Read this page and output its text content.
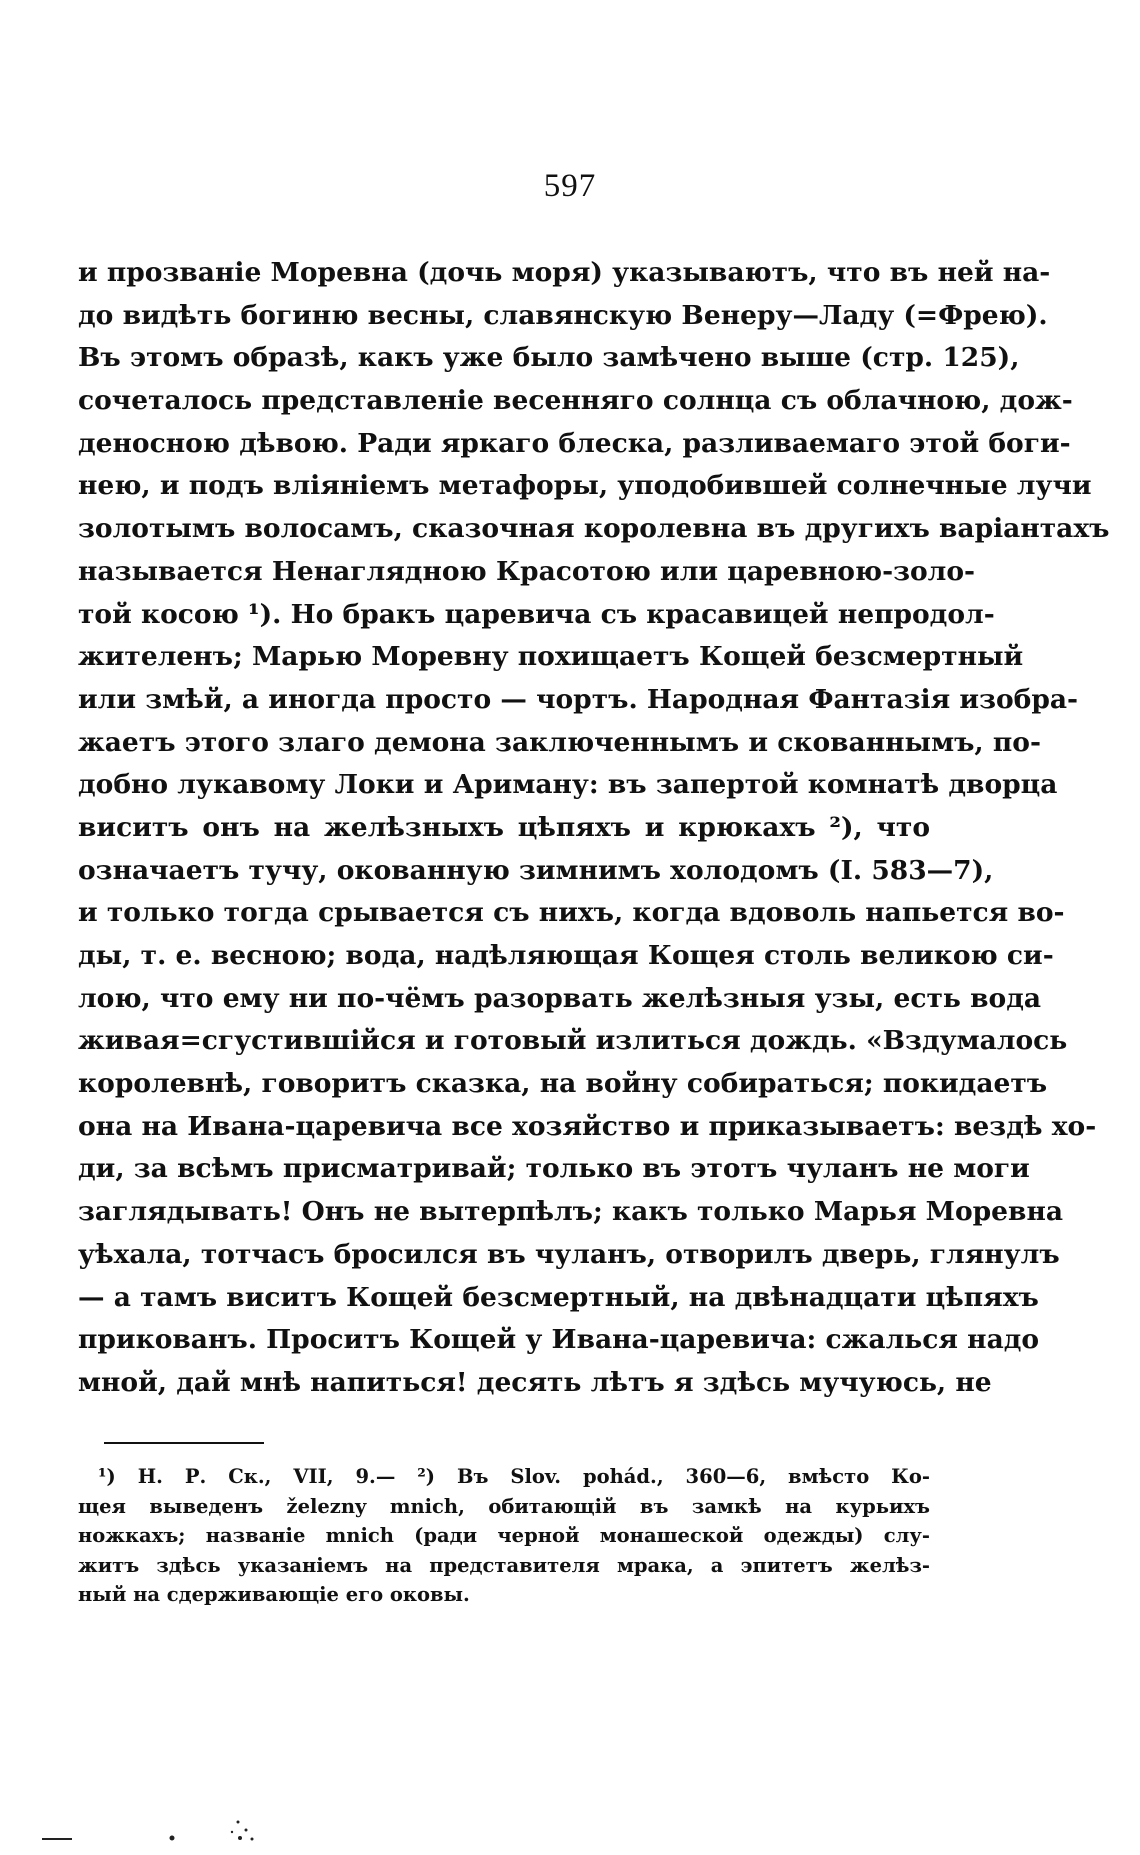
597
и прозваніе Моревна (дочь моря) указываютъ, что въ ней на-
до видѣть богиню весны, славянскую Венеру—Ладу (=Фрею).
Въ этомъ образѣ, какъ уже было замѣчено выше (стр. 125),
сочеталось представленіе весенняго солнца съ облачною, дож-
деносною дѣвою. Ради яркаго блеска, разливаемаго этой боги-
нею, и подъ вліяніемъ метафоры, уподобившей солнечные лучи
золотымъ волосамъ, сказочная королевна въ другихъ варіантахъ
называется Ненаглядною Красотою или царевною-золо-
той косою ¹). Но бракъ царевича съ красавицей непродол-
жителенъ; Марью Моревну похищаетъ Кощей безсмертный
или змѣй, а иногда просто — чортъ. Народная Фантазія изобра-
жаетъ этого злаго демона заключеннымъ и скованнымъ, по-
добно лукавому Локи и Ариману: въ запертой комнатѣ дворца
виситъ онъ на желѣзныхъ цѣпяхъ и крюкахъ ²), что
означаетъ тучу, окованную зимнимъ холодомъ (I. 583—7),
и только тогда срывается съ нихъ, когда вдоволь напьется во-
ды, т. е. весною; вода, надѣляющая Кощея столь великою си-
лою, что ему ни по-чёмъ разорвать желѣзныя узы, есть вода
живая=сгустившійся и готовый излиться дождь. «Вздумалось
королевнѣ, говоритъ сказка, на войну собираться; покидаетъ
она на Ивана-царевича все хозяйство и приказываетъ: вездѣ хо-
ди, за всѣмъ присматривай; только въ этотъ чуланъ не моги
заглядывать! Онъ не вытерпѣлъ; какъ только Марья Моревна
уѣхала, тотчасъ бросился въ чуланъ, отворилъ дверь, глянулъ
— а тамъ виситъ Кощей безсмертный, на двѣнадцати цѣпяхъ
прикованъ. Проситъ Кощей у Ивана-царевича: сжалься надо
мной, дай мнѣ напиться! десять лѣтъ я здѣсь мучуюсь, не
¹) Н. Р. Ск., VII, 9.— ²) Въ Slov. pohád., 360—6, вмѣсто Ко-
щея выведенъ železny mnich, обитающій въ замкѣ на курьихъ
ножкахъ; названіе mnich (ради черной монашеской одежды) слу-
житъ здѣсь указаніемъ на представителя мрака, а эпитетъ желѣз-
ный на сдерживающіе его оковы.
